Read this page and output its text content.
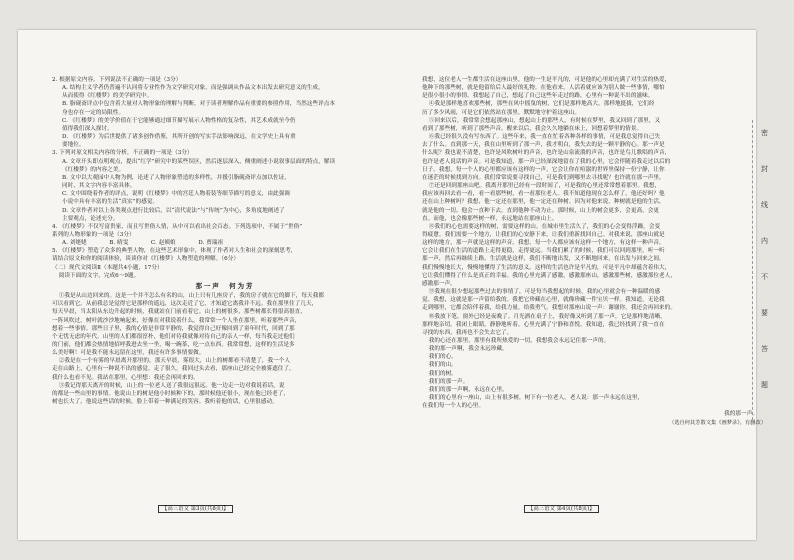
2. 根据原文内容，下列说法不正确的一项是（3分）

A. 结构主义学者仍普遍不认同将专业性作为文学研究对象，而是强调从作品文本出发去研究意义的生成，

从而使得《红楼梦》的美学研究中。

B. 脂砚斋评点中包含着大量对人物形象的理解与判断，对于读者理解作品有重要的参照作用，当然这些评点本

身也存在一定的局限性。

C. 《红楼梦》的美学价值在于它能够通过细节描写展示人物性格的复杂性，其艺术成就至今仍

值得我们深入探讨。

D. 《红楼梦》为后世提供了诸多创作借鉴，其所开创的写实手法影响深远，在文学史上具有重

要地位。

3. 下列对原文相关内容的分析，不正确的一项是（3分）

A. 文章开头即点明观点，提出“红学”研究中的某些误区，然后逐层深入，侧重阐述小说叙事层面的特点，解读

《红楼梦》的内容之美。

B. 文中以大观园中人物为例，论述了人物形象塑造的多样性，并援引脂砚斋评点加以佐证，

同时，其文字内容丰富具体。

C. 文中围绕着作者的评点，说明《红楼梦》中的宫廷人物着装等细节描写的意义，由此强调

小说中具有丰富的生活“真实”的感觉。

D. 文章作者对以上各类观点进行比较后，以“清代说法”与“传统”为中心，多角度地阐述了

主要观点，论述充分。

4. 《红楼梦》不仅写富贵家，而且写世俗人情，从中可以看出社会百态。下列选项中，不属于“世俗”

系列的人物形象的一项是（3分）

A. 刘姥姥　　　　B. 晴雯　　　　C. 赵姨娘　　　　D. 贾瑞祖

5. 《红楼梦》塑造了众多的典型人物，在这些艺术形象中，体现了作者对人生和社会的深刻思考，

请结合原文和你的阅读体验，谈谈你对《红楼梦》人物塑造的理解。（6分）

（二）现代文阅读Ⅱ（本题共4小题，17分）

阅读下面的文字，完成6～9题。

那一声　何为芳

①我是从山边回来的。这是一个并不怎么有名的山，山上只有几座房子，我的房子就在它的脚下，每天我都

可以看到它。从前我总是觉得它是那样的遥远，这次走近了它，才知道它离我并不远。我在那里住了几天，

每天早晨，当太阳从东边升起的时候，我就站在门前看着它。山上的树很多，那些树都长得很高很直，

一阵风吹过，树叶就沙沙地响起来，好像在对我说着什么。我常常一个人坐在那里，听着那些声音，

想着一些事情。那些日子里，我的心情是非常平静的，我觉得自己好像回到了童年时代，回到了那

个无忧无虑的年代。山里的人们都很淳朴，他们对待我就像对待自己的亲人一样，每当我走过他们

的门前，他们都会热情地招呼我进去坐一坐，喝一碗茶，吃一点东西。我常常想，这样的生活是多

么美好啊！可是我不能永远留在这里，我还有许多事情要做。

②我是在一个有雾的早晨离开那里的。那天早晨，雾很大，山上的树都看不清楚了，我一个人

走在山路上，心里有一种说不出的感觉。走了很久，我回过头去看，那座山已经完全被雾遮住了，

我什么也看不见。我站在那里，心里想：我还会再回来的。

③我记得那天离开的时候，山上的一位老人送了我很远很远。他一边走一边对我说着话，说

的都是一些山里的事情。他说山上的树是他小时候种下的，那时候他还很小，现在他已经老了，

树也长大了。他说这些话的时候，脸上带着一种满足的笑容。我听着他的话，心里很感动。

我想，这位老人一生都生活在这座山里，他的一生是平凡的，可是他的心里却充满了对生活的热爱，

他种下的那些树，就是他留给后人最好的礼物。在他看来，人活着就应该为别人做一些事情，哪怕

是很小很小的事情。我想起了自己，想起了自己这些年走过的路，心里有一种说不出的滋味。

④我是那样地喜欢那些树，那些在风中摇曳的树，它们是那样地高大，那样地挺拔，它们经

历了多少风雨，可是它们依然站在那里，默默地守护着这座山。

⑤回来以后，我常常会想起那座山，想起山上的那些人。有时候在梦里，我又回到了那里，又

看到了那些树，听到了那些声音。醒来以后，我会久久地躺在床上，回想着梦里的情景。

⑥我已经很久没有写东西了。这些年来，我一直在忙着各种各样的事情，可是我总觉得自己失

去了什么。直到那一天，我在山里听到了那一声，我才明白，我失去的是一颗平静的心。那一声是

什么呢？我也说不清楚，也许是风吹树叶的声音，也许是山泉流淌的声音，也许是鸟儿歌唱的声音，

也许是老人说话的声音。可是我知道，那一声已经深深地留在了我的心里，它会伴随着我走过以后的

日子。我想，每一个人的心里都应该有这样的一声，它会让你在喧嚣的世界里保持一份宁静，让你

在迷茫的时候找到方向。我们常常说要寻找自己，可是我们到哪里去寻找呢？也许就在那一声里。

⑦还是回到那座山吧。我离开那里已经有一段时间了，可是我的心里还常常想着那里。我想，

我应该再回去看一看，看一看那些树，看一看那位老人。我不知道他现在怎么样了，他还好吗？他

还在山上种树吗？我想，他一定还在那里，他一定还在种树。因为对他来说，种树就是他的生活，

就是他的一切。他会一直种下去，直到他种不动为止。那时候，山上的树会更多，会更高，会更

直。而他，也会像那些树一样，永远地站在那座山上。

⑧我们的心也需要这样的树，需要这样的山。在城市里生活久了，我们的心会变得浮躁，会变

得疲惫。我们需要一个地方，让我们的心安静下来，让我们重新找回自己。对我来说，那座山就是

这样的地方，那一声就是这样的声音。我想，每一个人都应该有这样一个地方，有这样一种声音，

它会让我们在生活的道路上走得更稳，走得更远。当我们累了的时候，我们可以回到那里，听一听

那一声，然后再继续上路。生活就是这样，我们不断地出发，又不断地回来，在出发与回来之间，

我们慢慢地长大，慢慢地懂得了生活的意义。这样的生活也许是平凡的，可是平凡中却蕴含着伟大，

它让我们懂得了什么是真正的幸福。我的心里充满了感激，感激那座山，感激那些树，感激那位老人，

感激那一声。

⑨我现在很少想起那些过去的事情了，可是每当我想起的时候，我的心里就会有一种温暖的感

觉。我想，这就是那一声留给我的。我把它珍藏在心里，就像珍藏一件宝贝一样。我知道，无论我

走到哪里，它都会陪伴着我，给我力量，给我勇气。我想对那座山说一声：谢谢你，我还会再回来的。

⑩我放下笔，窗外已经是夜晚了。月光洒在桌子上，我好像又听到了那一声，它是那样地清晰，

那样地亲切。我闭上眼睛，静静地听着，心里充满了宁静和喜悦。我知道，我已经找到了我一直在

寻找的东西，我再也不会失去它了。

我的心还在那里，那里有我所热爱的一切，我想我会永远记住那一声的。

我的那一声啊，我会永远珍藏。

我们的心。

我们的山。

我们的树。

我们的那一声。

我们的那一声啊，永远在心里。

我们的心里有一座山，山上有很多树，树下有一位老人，老人说：那一声永远在这里，

在我们每一个人的心里。

我的那一声。

（选自何其芳散文集《画梦录》，有删改）

【高三语文 第3页(共8页)】	【高三语文 第4页(共8页)】
密
封
线
内
不
要
答
题
